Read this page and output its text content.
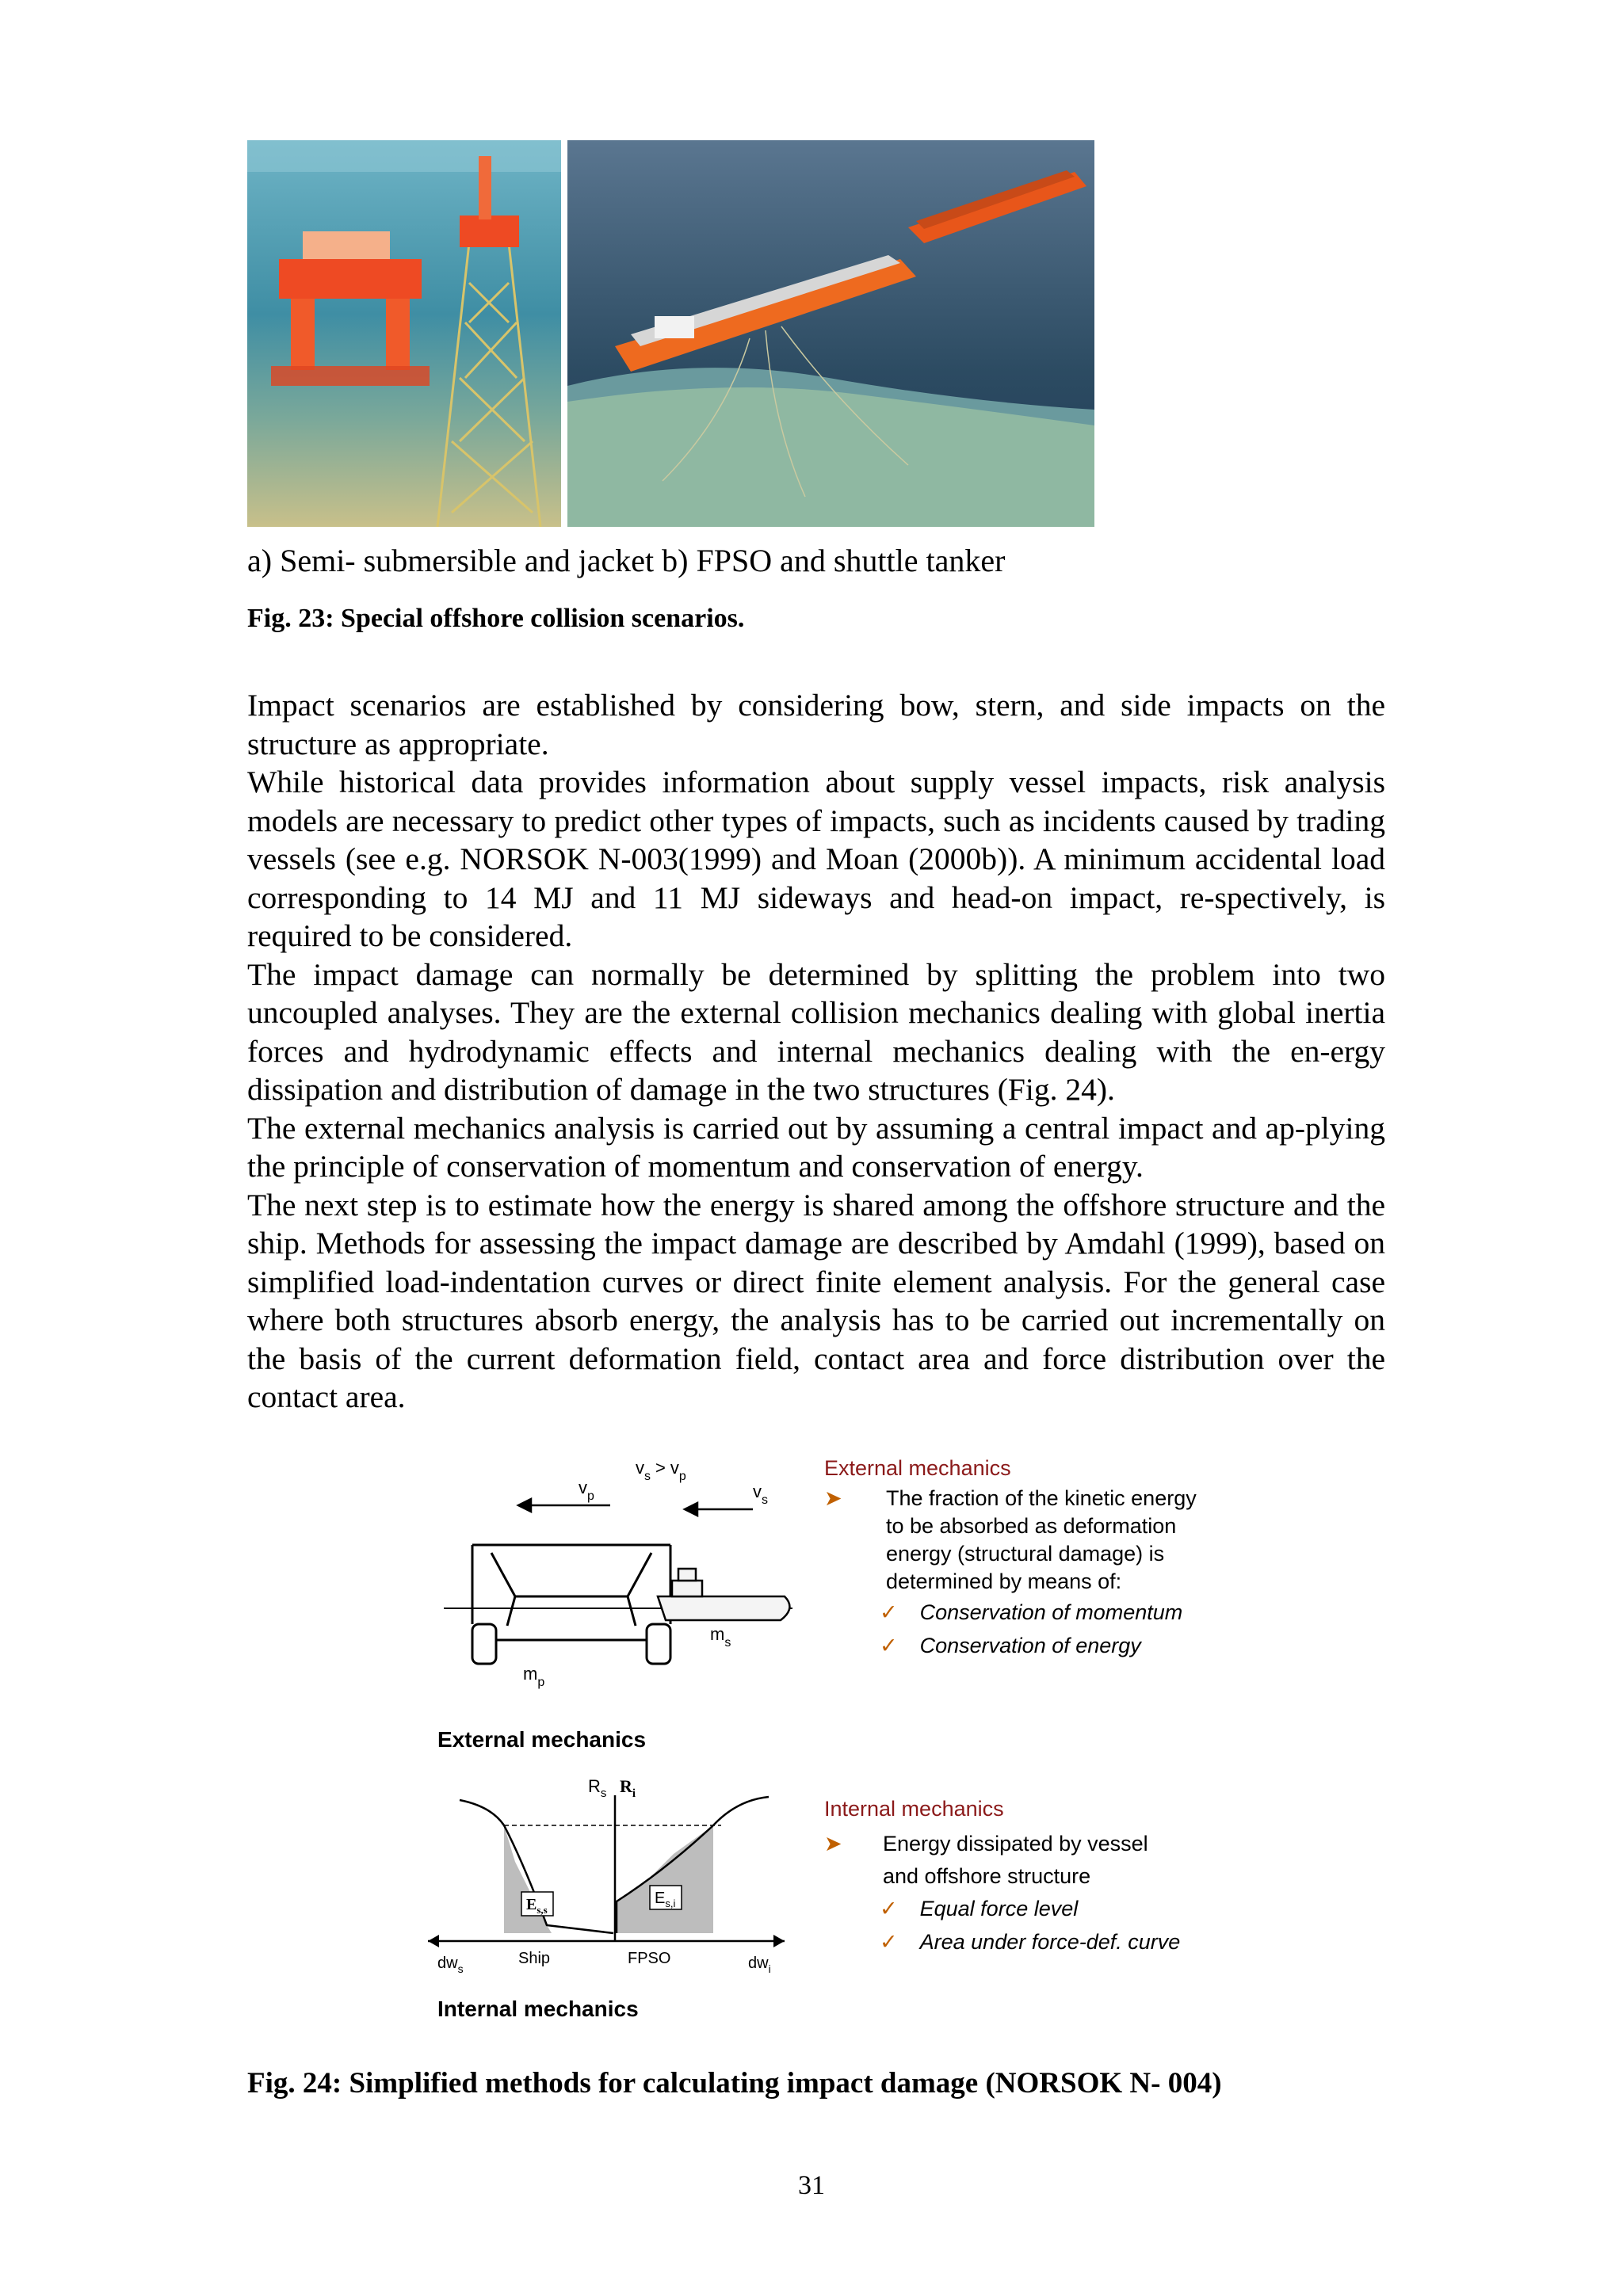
a) Semi- submersible and jacket b) FPSO and shuttle tanker
Fig. 23: Special offshore collision scenarios.

Impact scenarios are established by considering bow, stern, and side impacts on the structure as appropriate.

While historical data provides information about supply vessel impacts, risk analysis models are necessary to predict other types of impacts, such as incidents caused by trading vessels (see e.g. NORSOK N-003(1999) and Moan (2000b)). A minimum accidental load corresponding to 14 MJ and 11 MJ sideways and head-on impact, re-spectively, is required to be considered.

The impact damage can normally be determined by splitting the problem into two uncoupled analyses. They are the external collision mechanics dealing with global inertia forces and hydrodynamic effects and internal mechanics dealing with the en-ergy dissipation and distribution of damage in the two structures (Fig. 24).

The external mechanics analysis is carried out by assuming a central impact and ap-plying the principle of conservation of momentum and conservation of energy.

The next step is to estimate how the energy is shared among the offshore structure and the ship. Methods for assessing the impact damage are described by Amdahl (1999), based on simplified load-indentation curves or direct finite element analysis. For the general case where both structures absorb energy, the analysis has to be carried out incrementally on the basis of the current deformation field, contact area and force distribution over the contact area.

$v_s > v_p$
$v_p$	$v_s$
$m_s$
$m_p$
External mechanics
$R_s$ $R_i$
$E_{s,s}$
$E_{s,i}$
$dw_s$
Ship	FPSO	$dw_i$
Internal mechanics
External mechanics
➤	The fraction of the kinetic energy to be absorbed as deformation energy (structural damage) is determined by means of:
✓ Conservation of momentum
✓ Conservation of energy
Internal mechanics
➤	Energy dissipated by vessel
and offshore structure
✓ Equal force level
✓ Area under force-def. curve
Fig. 24: Simplified methods for calculating impact damage (NORSOK N- 004)
31
